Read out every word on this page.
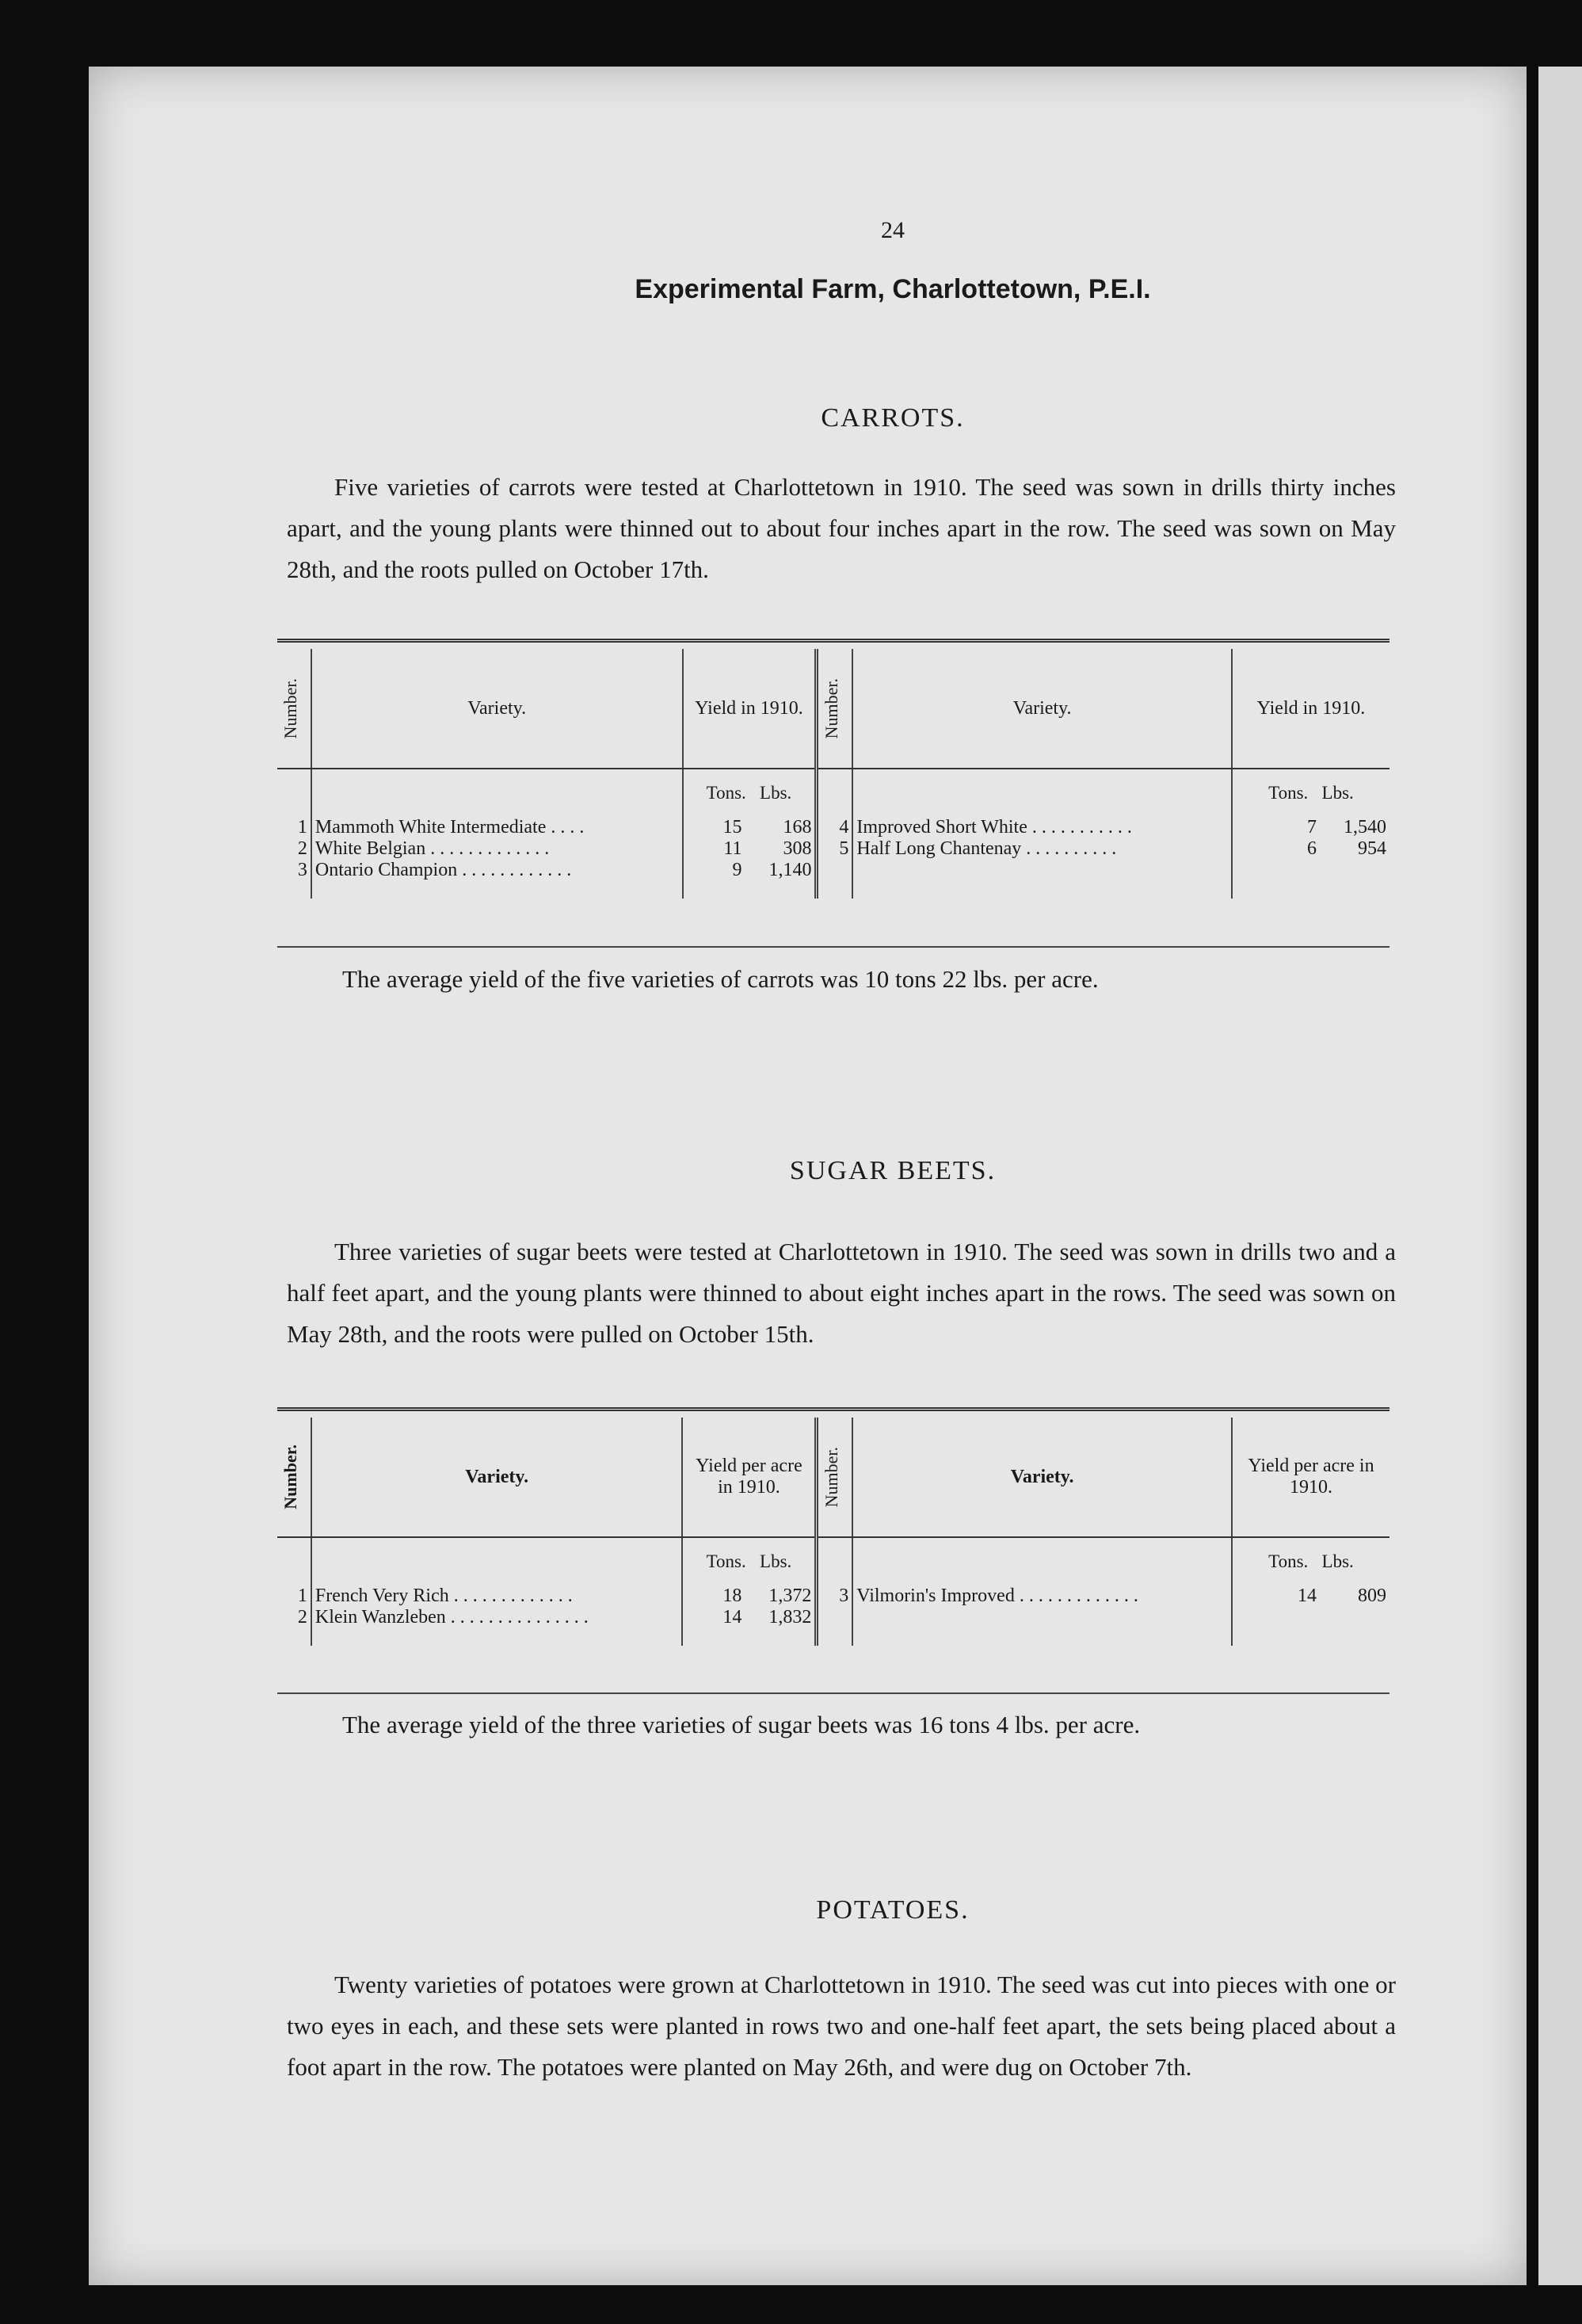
24
Experimental Farm, Charlottetown, P.E.I.
CARROTS.
Five varieties of carrots were tested at Charlottetown in 1910. The seed was sown in drills thirty inches apart, and the young plants were thinned out to about four inches apart in the row. The seed was sown on May 28th, and the roots pulled on October 17th.
Number.	Variety.	Yield in 1910.	Number.	Variety.	Yield in 1910.
		Tons. Lbs.			Tons. Lbs.
1	Mammoth White Intermediate . . . .	15 168	4	Improved Short White . . . . . . . . . . .	7 1,540
2	White Belgian . . . . . . . . . . . . .	11 308	5	Half Long Chantenay . . . . . . . . . .	6 954
3	Ontario Champion . . . . . . . . . . . .	9 1,140			

The average yield of the five varieties of carrots was 10 tons 22 lbs. per acre.
SUGAR BEETS.
Three varieties of sugar beets were tested at Charlottetown in 1910. The seed was sown in drills two and a half feet apart, and the young plants were thinned to about eight inches apart in the rows. The seed was sown on May 28th, and the roots were pulled on October 15th.
Number.	Variety.	Yield per acre in 1910.	Number.	Variety.	Yield per acre in 1910.
		Tons. Lbs.			Tons. Lbs.
1	French Very Rich . . . . . . . . . . . . .	18 1,372	3	Vilmorin's Improved . . . . . . . . . . . . .	14 809
2	Klein Wanzleben . . . . . . . . . . . . . . .	14 1,832			

The average yield of the three varieties of sugar beets was 16 tons 4 lbs. per acre.
POTATOES.
Twenty varieties of potatoes were grown at Charlottetown in 1910. The seed was cut into pieces with one or two eyes in each, and these sets were planted in rows two and one-half feet apart, the sets being placed about a foot apart in the row. The potatoes were planted on May 26th, and were dug on October 7th.
